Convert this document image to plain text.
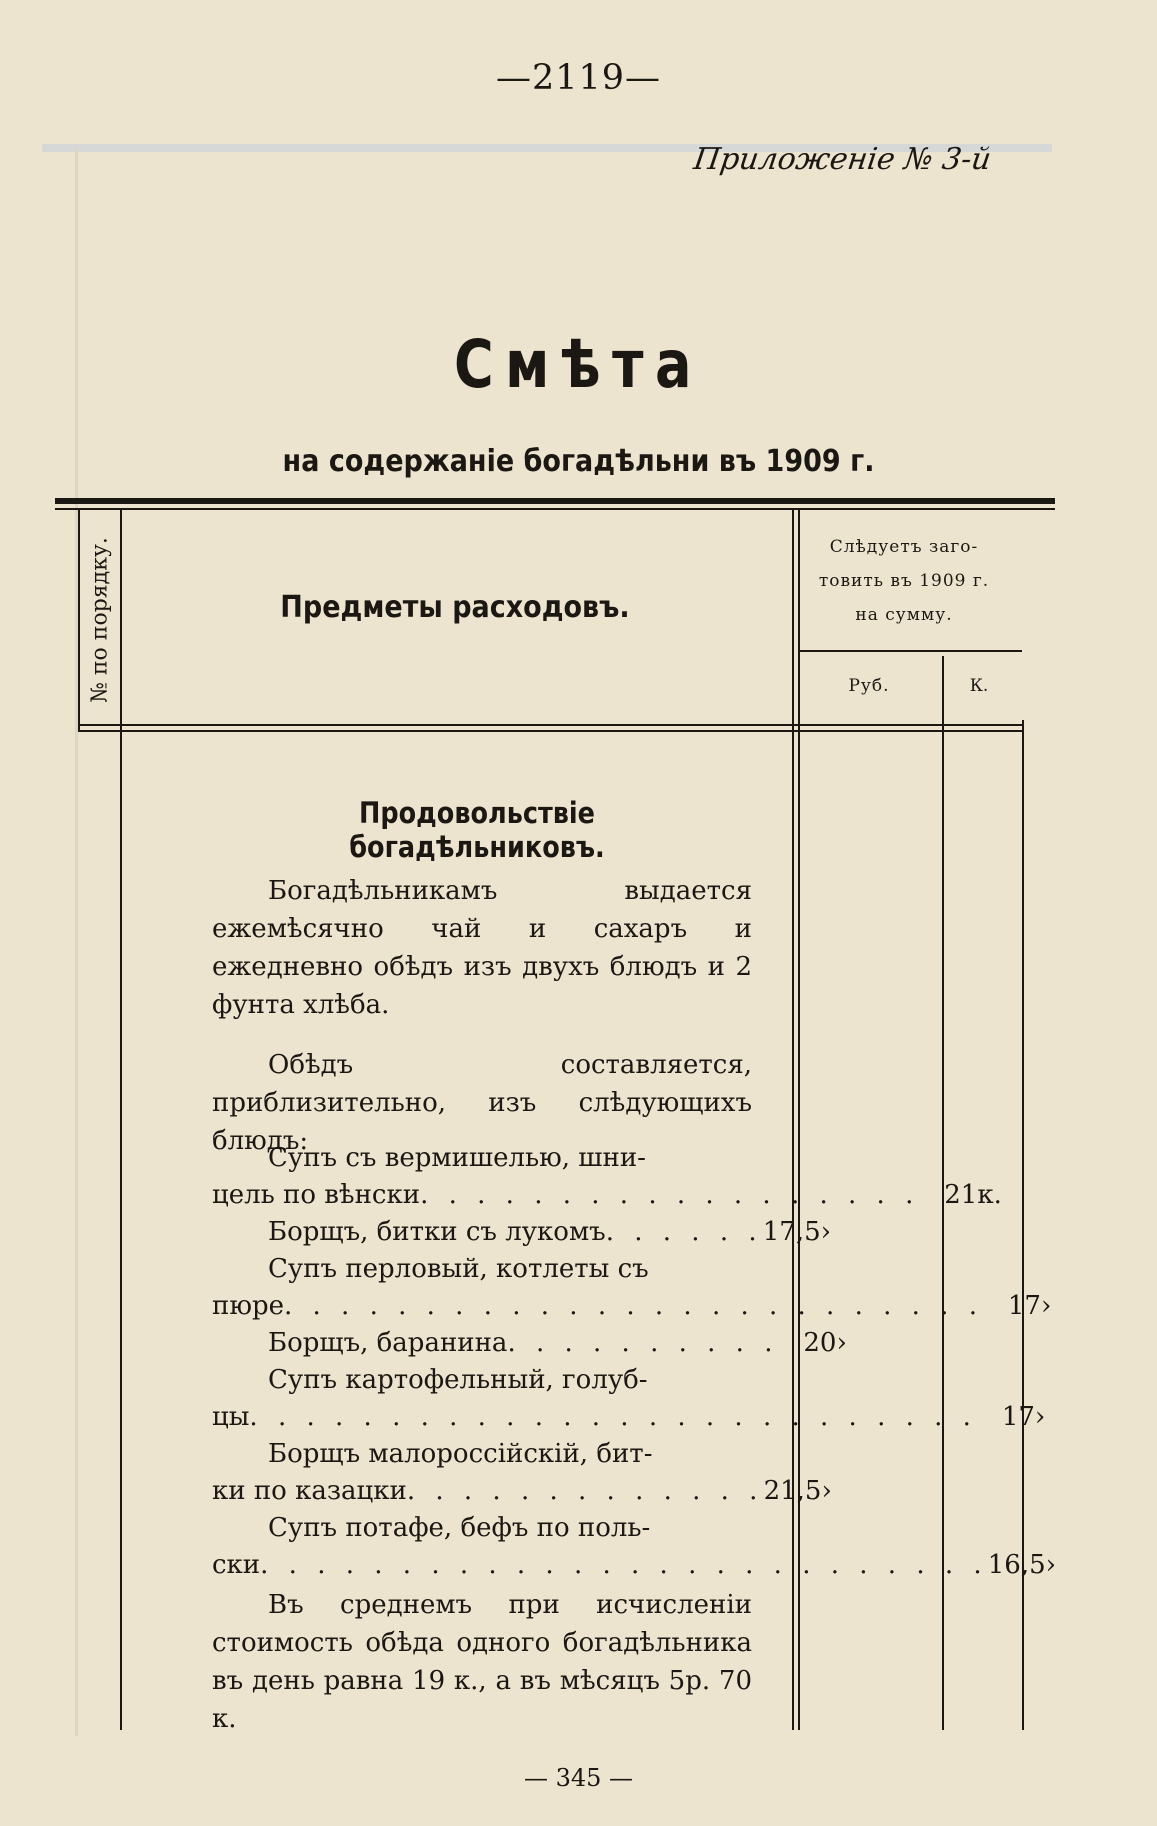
—2119—
Приложенiе № 3-й
Смѣта
на содержанiе богадѣльни въ 1909 г.
№ по порядку.	Предметы расходовъ.
Слѣдуетъ заго-
товить въ 1909 г.
на сумму.
Руб.	К.
Продовольствiе богадѣльниковъ.
Богадѣльникамъ выдается ежемѣсячно чай и сахаръ и ежедневно обѣдъ изъ двухъ блюдъ и 2 фунта хлѣба.
Обѣдъ составляется, приблизительно, изъ слѣдующихъ блюдъ:
Супъ съ вермишелью, шни-
цель по вѣнски . . . . . . . . . . . . . . . . . . 21 к.
Борщъ, битки съ лукомъ . . . . . . 17,5 ›
Супъ перловый, котлеты съ
пюре . . . . . . . . . . . . . . . . . . . . . . . . . 17 ›
Борщъ, баранина . . . . . . . . . . 20 ›
Супъ картофельный, голуб-
цы . . . . . . . . . . . . . . . . . . . . . . . . . . 17 ›
Борщъ малороссiйскiй, бит-
ки по казацки . . . . . . . . . . . . . 21,5 ›
Супъ потафе, бефъ по поль-
ски . . . . . . . . . . . . . . . . . . . . . . . . . . 16,5 ›
Въ среднемъ при исчисленiи стоимость обѣда одного богадѣльника въ день равна 19 к., а въ мѣсяцъ 5р. 70 к.
— 345 —
